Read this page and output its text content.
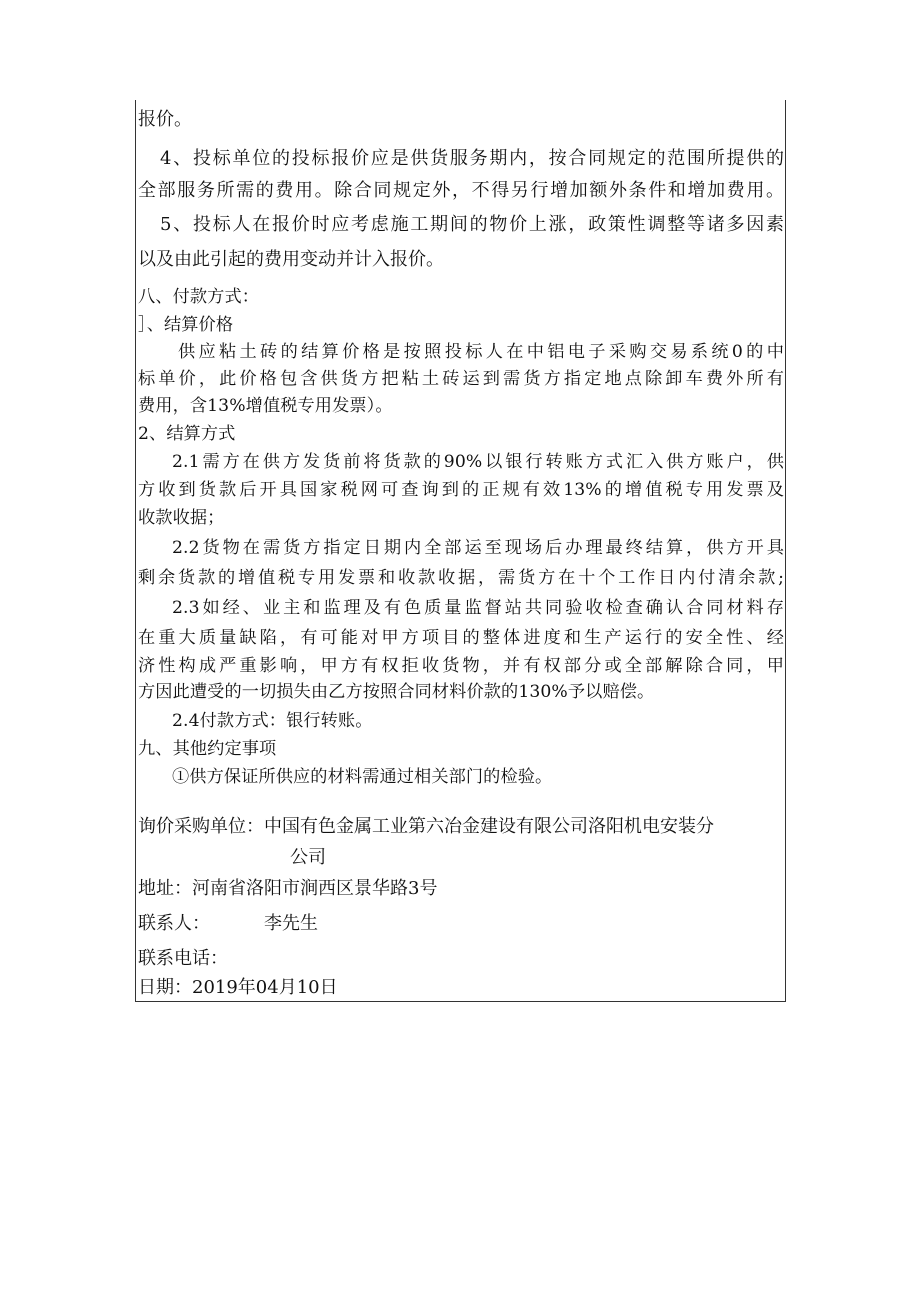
报价。
4、投标单位的投标报价应是供货服务期内，按合同规定的范围所提供的
全部服务所需的费用。除合同规定外，不得另行增加额外条件和增加费用。
5、投标人在报价时应考虑施工期间的物价上涨，政策性调整等诸多因素
以及由此引起的费用变动并计入报价。
八、付款方式：
］、结算价格
供应粘土砖的结算价格是按照投标人在中铝电子采购交易系统0的中
标单价，此价格包含供货方把粘土砖运到需货方指定地点除卸车费外所有
费用，含13%增值税专用发票）。
2、结算方式
2.1需方在供方发货前将货款的90%以银行转账方式汇入供方账户，供
方收到货款后开具国家税网可查询到的正规有效13%的增值税专用发票及
收款收据；
2.2货物在需货方指定日期内全部运至现场后办理最终结算，供方开具
剩余货款的增值税专用发票和收款收据，需货方在十个工作日内付清余款;
2.3如经、业主和监理及有色质量监督站共同验收检查确认合同材料存
在重大质量缺陷，有可能对甲方项目的整体进度和生产运行的安全性、经
济性构成严重影响，甲方有权拒收货物，并有权部分或全部解除合同，甲
方因此遭受的一切损失由乙方按照合同材料价款的130%予以赔偿。
2.4付款方式：银行转账。
九、其他约定事项
①供方保证所供应的材料需通过相关部门的检验。
询价采购单位：中国有色金属工业第六冶金建设有限公司洛阳机电安装分
公司
地址：河南省洛阳市涧西区景华路3号
联系人：	李先生
联系电话：
日期：2019年04月10日
